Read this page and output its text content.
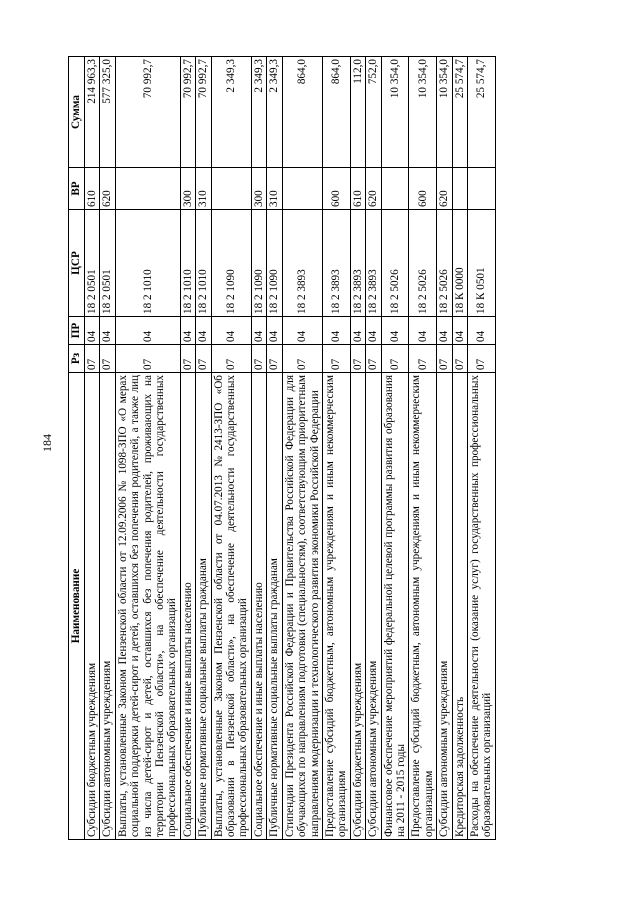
184
Наименование	Рз	ПР	ЦСР	ВР	Сумма
Субсидии бюджетным учреждениям	07	04	18 2 0501	610	214 963,3
Субсидии автономным учреждениям	07	04	18 2 0501	620	577 325,0
Выплаты, установленные Законом Пензенской области от 12.09.2006 № 1098-ЗПО «О мерах социальной поддержки детей-сирот и детей, оставшихся без попечения родителей, а также лиц из числа детей-сирот и детей, оставшихся без попечения родителей, проживающих на территории Пензенской области», на обеспечение деятельности государственных профессиональных образовательных организаций	07	04	18 2 1010		70 992,7
Социальное обеспечение и иные выплаты населению	07	04	18 2 1010	300	70 992,7
Публичные нормативные социальные выплаты гражданам	07	04	18 2 1010	310	70 992,7
Выплаты, установленные Законом Пензенской области от 04.07.2013 №2413-ЗПО «Об образовании в Пензенской области», на обеспечение деятельности государственных профессиональных образовательных организаций	07	04	18 2 1090		2 349,3
Социальное обеспечение и иные выплаты населению	07	04	18 2 1090	300	2 349,3
Публичные нормативные социальные выплаты гражданам	07	04	18 2 1090	310	2 349,3
Стипендии Президента Российской Федерации и Правительства Российской Федерации для обучающихся по направлениям подготовки (специальностям), соответствующим приоритетным направлениям модернизации и технологического развития экономики Российской Федерации	07	04	18 2 3893		864,0
Предоставление субсидий бюджетным, автономным учреждениям и иным некоммерческим организациям	07	04	18 2 3893	600	864,0
Субсидии бюджетным учреждениям	07	04	18 2 3893	610	112,0
Субсидии автономным учреждениям	07	04	18 2 3893	620	752,0
Финансовое обеспечение мероприятий федеральной целевой программы развития образования на 2011 - 2015 годы	07	04	18 2 5026		10 354,0
Предоставление субсидий бюджетным, автономным учреждениям и иным некоммерческим организациям	07	04	18 2 5026	600	10 354,0
Субсидии автономным учреждениям	07	04	18 2 5026	620	10 354,0
Кредиторская задолженность	07	04	18 К 0000		25 574,7
Расходы на обеспечение деятельности (оказание услуг) государственных профессиональных образовательных организаций	07	04	18 К 0501		25 574,7
